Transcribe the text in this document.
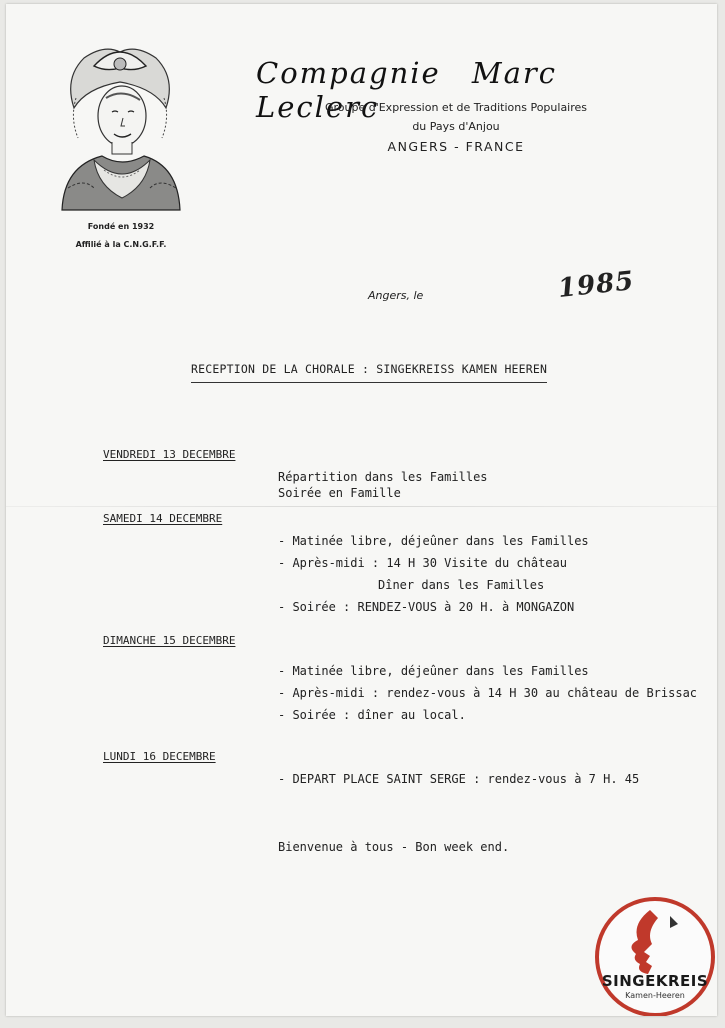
Fondé en 1932
Affilié à la C.N.G.F.F.
Compagnie Marc Leclerc
Groupe d'Expression et de Traditions Populaires
du Pays d'Anjou
ANGERS - FRANCE
Angers, le	1985
RECEPTION DE LA CHORALE : SINGEKREISS KAMEN HEEREN
VENDREDI 13 DECEMBRE
Répartition dans les Familles
Soirée en Famille
SAMEDI 14 DECEMBRE
- Matinée libre, déjeûner dans les Familles
- Après-midi : 14 H 30 Visite du château
Dîner dans les Familles
- Soirée : RENDEZ-VOUS à 20 H. à MONGAZON
DIMANCHE 15 DECEMBRE
- Matinée libre, déjeûner dans les Familles
- Après-midi : rendez-vous à 14 H 30 au château de Brissac
- Soirée : dîner au local.
LUNDI 16 DECEMBRE
- DEPART PLACE SAINT SERGE : rendez-vous à 7 H. 45
Bienvenue à tous - Bon week end.
SINGEKREIS
Kamen-Heeren
